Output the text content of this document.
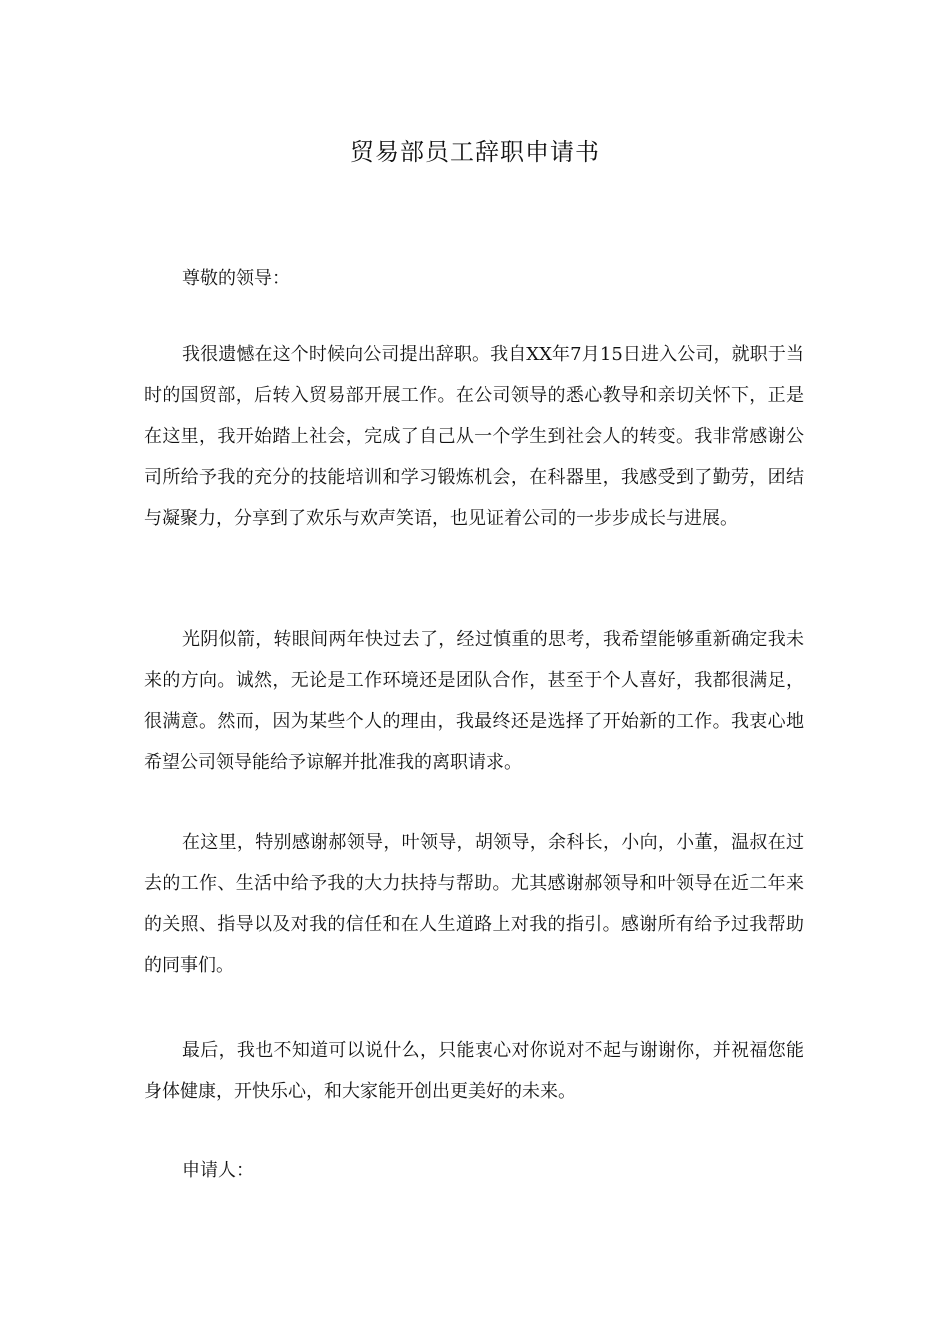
贸易部员工辞职申请书

尊敬的领导：

我很遗憾在这个时候向公司提出辞职。我自XX年7月15日进入公司，就职于当时的国贸部，后转入贸易部开展工作。在公司领导的悉心教导和亲切关怀下，正是在这里，我开始踏上社会，完成了自己从一个学生到社会人的转变。我非常感谢公司所给予我的充分的技能培训和学习锻炼机会，在科器里，我感受到了勤劳，团结与凝聚力，分享到了欢乐与欢声笑语，也见证着公司的一步步成长与进展。

光阴似箭，转眼间两年快过去了，经过慎重的思考，我希望能够重新确定我未来的方向。诚然，无论是工作环境还是团队合作，甚至于个人喜好，我都很满足，很满意。然而，因为某些个人的理由，我最终还是选择了开始新的工作。我衷心地希望公司领导能给予谅解并批准我的离职请求。

在这里，特别感谢郝领导，叶领导，胡领导，余科长，小向，小董，温叔在过去的工作、生活中给予我的大力扶持与帮助。尤其感谢郝领导和叶领导在近二年来的关照、指导以及对我的信任和在人生道路上对我的指引。感谢所有给予过我帮助的同事们。

最后，我也不知道可以说什么，只能衷心对你说对不起与谢谢你，并祝福您能身体健康，开快乐心，和大家能开创出更美好的未来。

申请人：
